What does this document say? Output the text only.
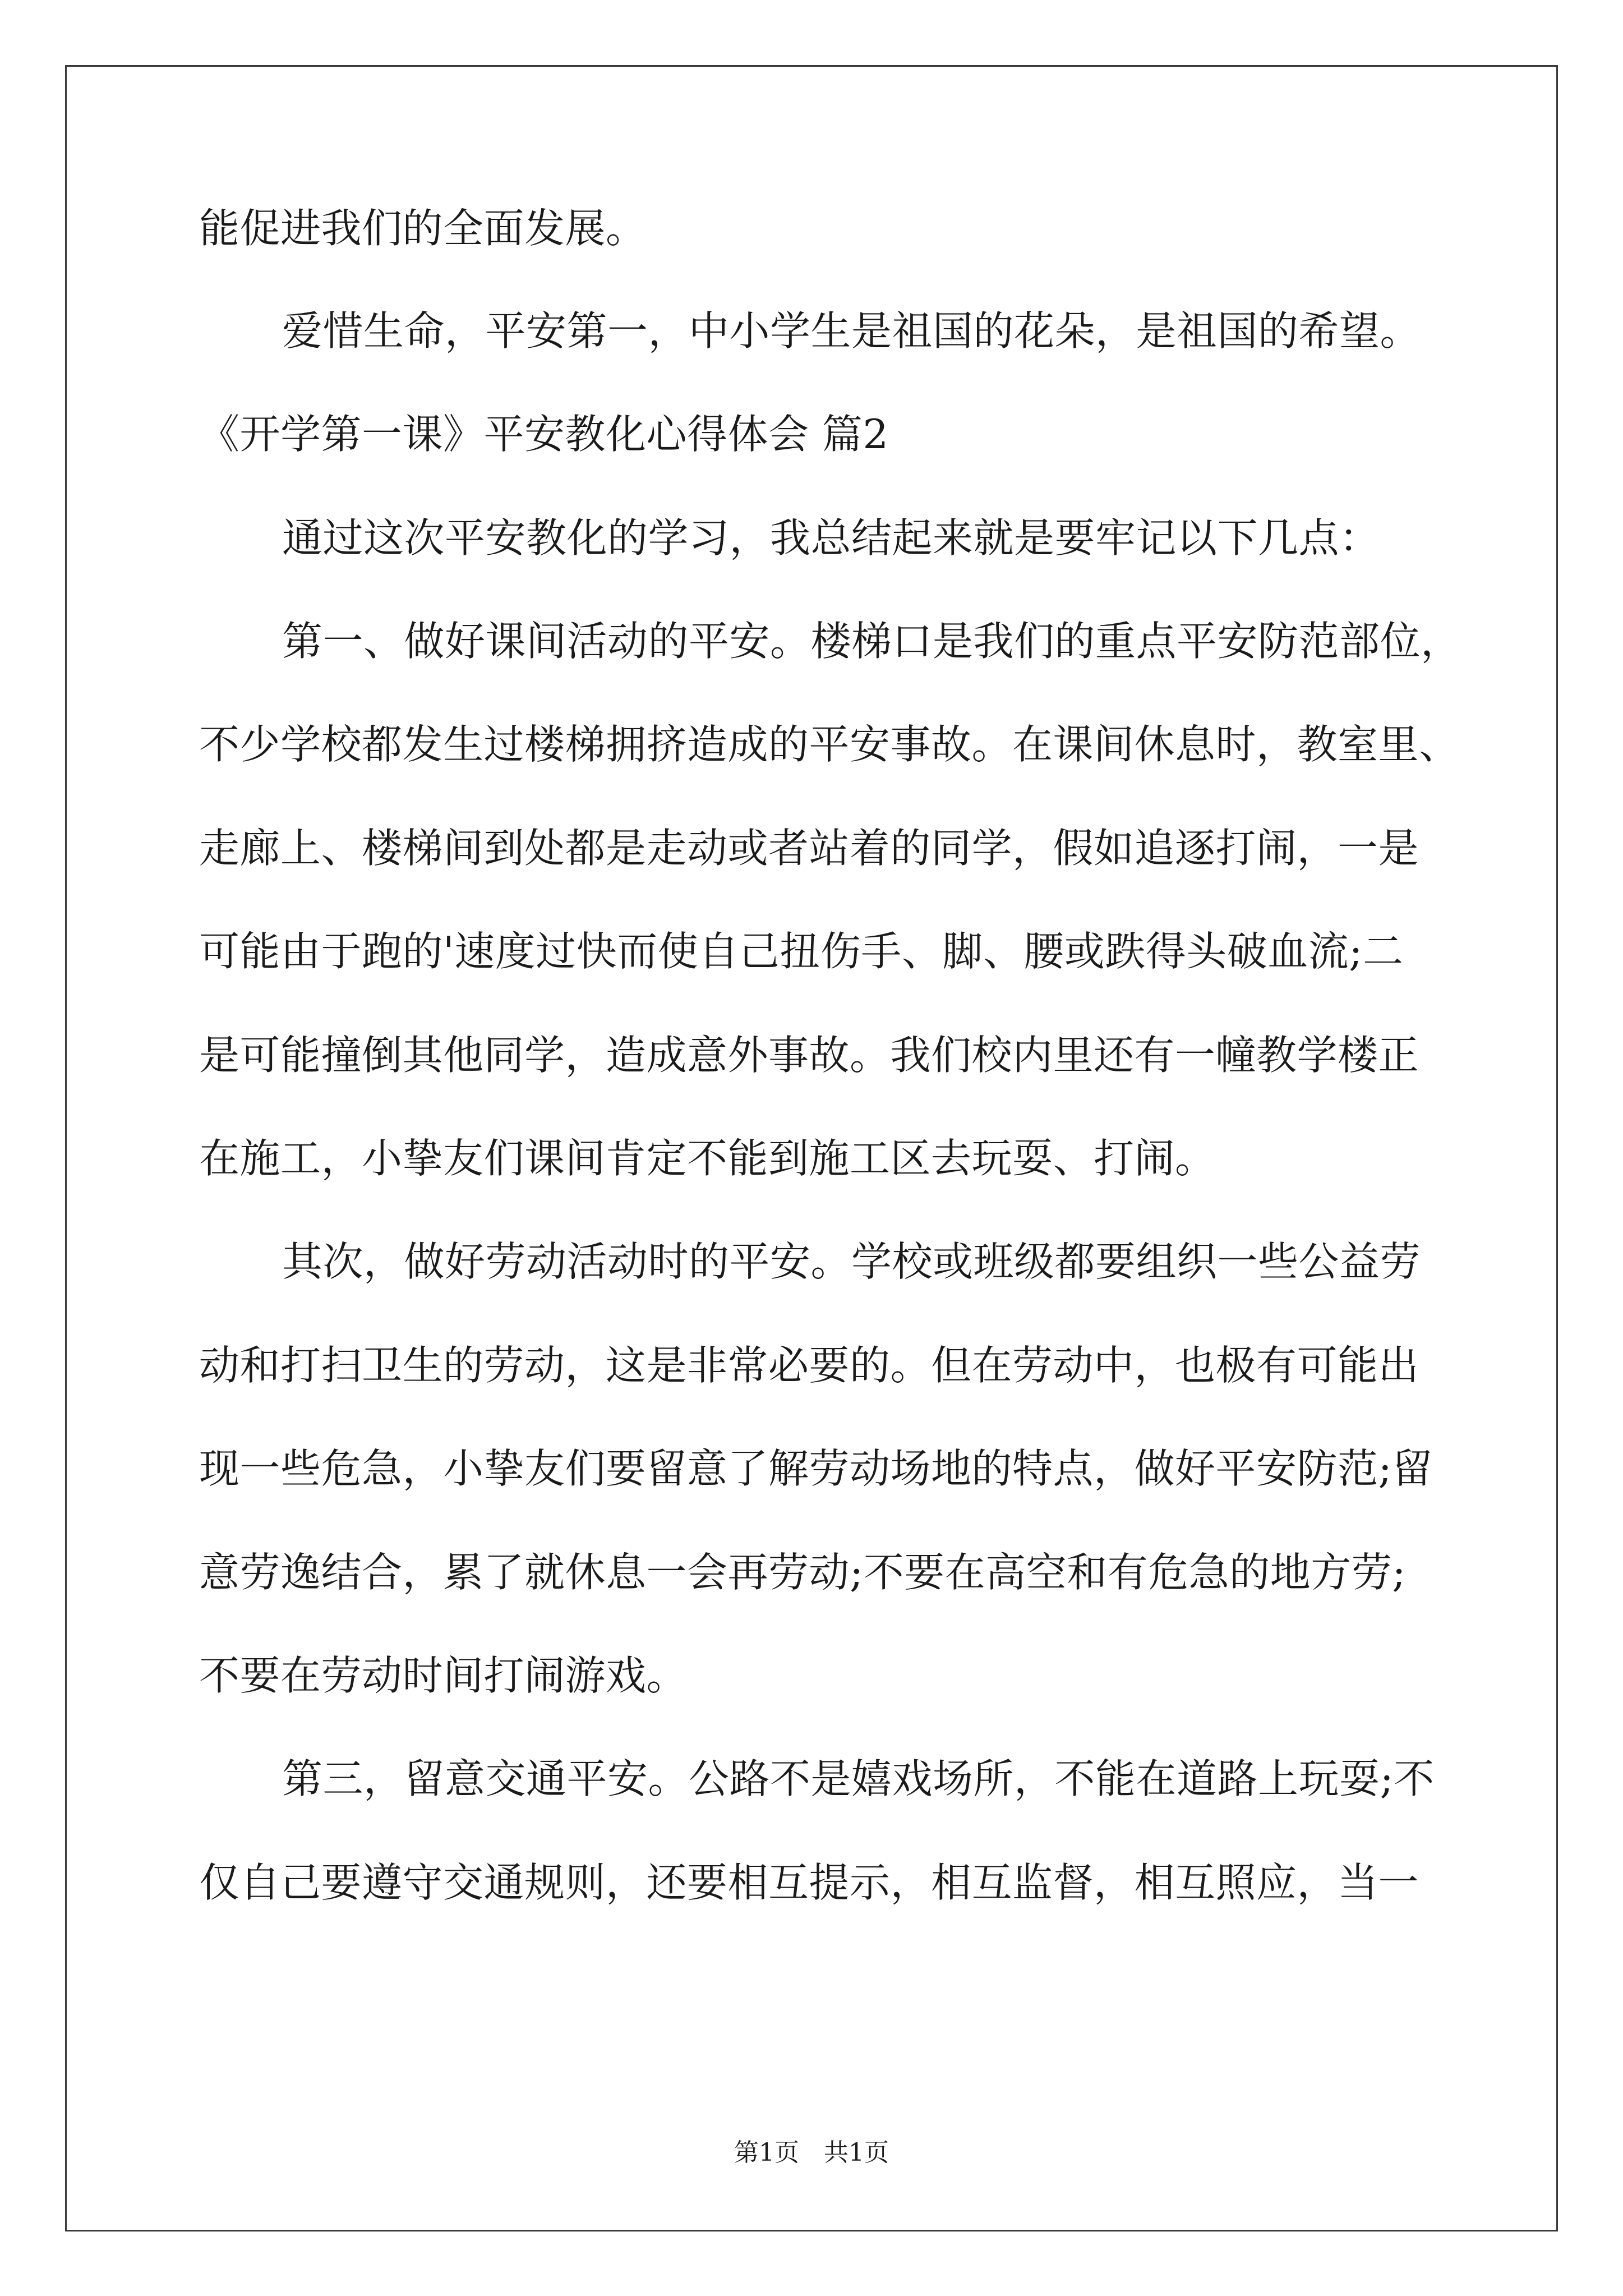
能促进我们的全面发展。
爱惜生命，平安第一，中小学生是祖国的花朵，是祖国的希望。
《开学第一课》平安教化心得体会 篇2
通过这次平安教化的学习，我总结起来就是要牢记以下几点：
第一、做好课间活动的平安。楼梯口是我们的重点平安防范部位，
不少学校都发生过楼梯拥挤造成的平安事故。在课间休息时，教室里、
走廊上、楼梯间到处都是走动或者站着的同学，假如追逐打闹，一是
可能由于跑的'速度过快而使自己扭伤手、脚、腰或跌得头破血流;二
是可能撞倒其他同学，造成意外事故。我们校内里还有一幢教学楼正
在施工，小挚友们课间肯定不能到施工区去玩耍、打闹。
其次，做好劳动活动时的平安。学校或班级都要组织一些公益劳
动和打扫卫生的劳动，这是非常必要的。但在劳动中，也极有可能出
现一些危急，小挚友们要留意了解劳动场地的特点，做好平安防范;留
意劳逸结合，累了就休息一会再劳动;不要在高空和有危急的地方劳;
不要在劳动时间打闹游戏。
第三，留意交通平安。公路不是嬉戏场所，不能在道路上玩耍;不
仅自己要遵守交通规则，还要相互提示，相互监督，相互照应，当一
第1页　共1页
